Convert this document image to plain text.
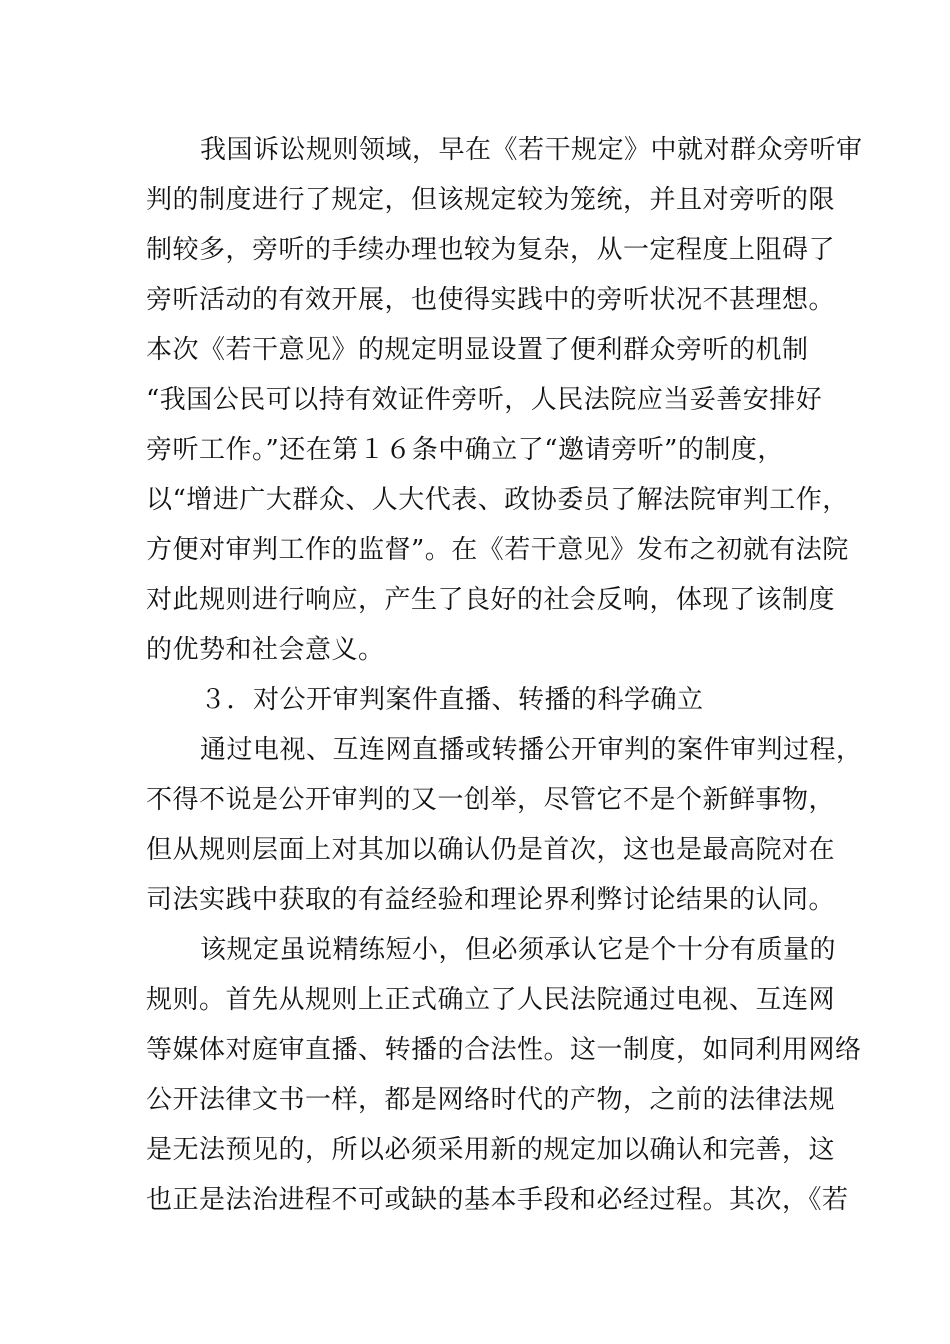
我国诉讼规则领域，早在《若干规定》中就对群众旁听审
判的制度进行了规定，但该规定较为笼统，并且对旁听的限
制较多，旁听的手续办理也较为复杂，从一定程度上阻碍了
旁听活动的有效开展，也使得实践中的旁听状况不甚理想。
本次《若干意见》的规定明显设置了便利群众旁听的机制
“我国公民可以持有效证件旁听，人民法院应当妥善安排好
旁听工作。”还在第１６条中确立了“邀请旁听”的制度，
以“增进广大群众、人大代表、政协委员了解法院审判工作，
方便对审判工作的监督”。在《若干意见》发布之初就有法院
对此规则进行响应，产生了良好的社会反响，体现了该制度
的优势和社会意义。
３．对公开审判案件直播、转播的科学确立
通过电视、互连网直播或转播公开审判的案件审判过程，
不得不说是公开审判的又一创举，尽管它不是个新鲜事物，
但从规则层面上对其加以确认仍是首次，这也是最高院对在
司法实践中获取的有益经验和理论界利弊讨论结果的认同。
该规定虽说精练短小，但必须承认它是个十分有质量的
规则。首先从规则上正式确立了人民法院通过电视、互连网
等媒体对庭审直播、转播的合法性。这一制度，如同利用网络
公开法律文书一样，都是网络时代的产物，之前的法律法规
是无法预见的，所以必须采用新的规定加以确认和完善，这
也正是法治进程不可或缺的基本手段和必经过程。其次，《若
